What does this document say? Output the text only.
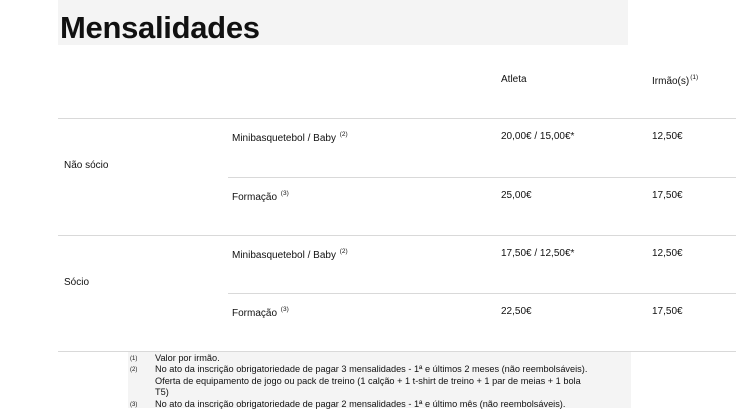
Mensalidades
Atleta	$Irmão(s)^{(1)}$
Não sócio
Minibasquetebol / Baby $^{(2)}$	20,00€ / 15,00€*	12,50€
Formação $^{(3)}$	25,00€	17,50€
Sócio
Minibasquetebol / Baby $^{(2)}$	17,50€ / 12,50€*	12,50€
Formação $^{(3)}$	22,50€	17,50€
(1) Valor por irmão.
(2) No ato da inscrição obrigatoriedade de pagar 3 mensalidades - 1ª e últimos 2 meses (não reembolsáveis).
Oferta de equipamento de jogo ou pack de treino (1 calção + 1 t-shirt de treino + 1 par de meias + 1 bola
T5)
(3) No ato da inscrição obrigatoriedade de pagar 2 mensalidades - 1ª e último mês (não reembolsáveis).
